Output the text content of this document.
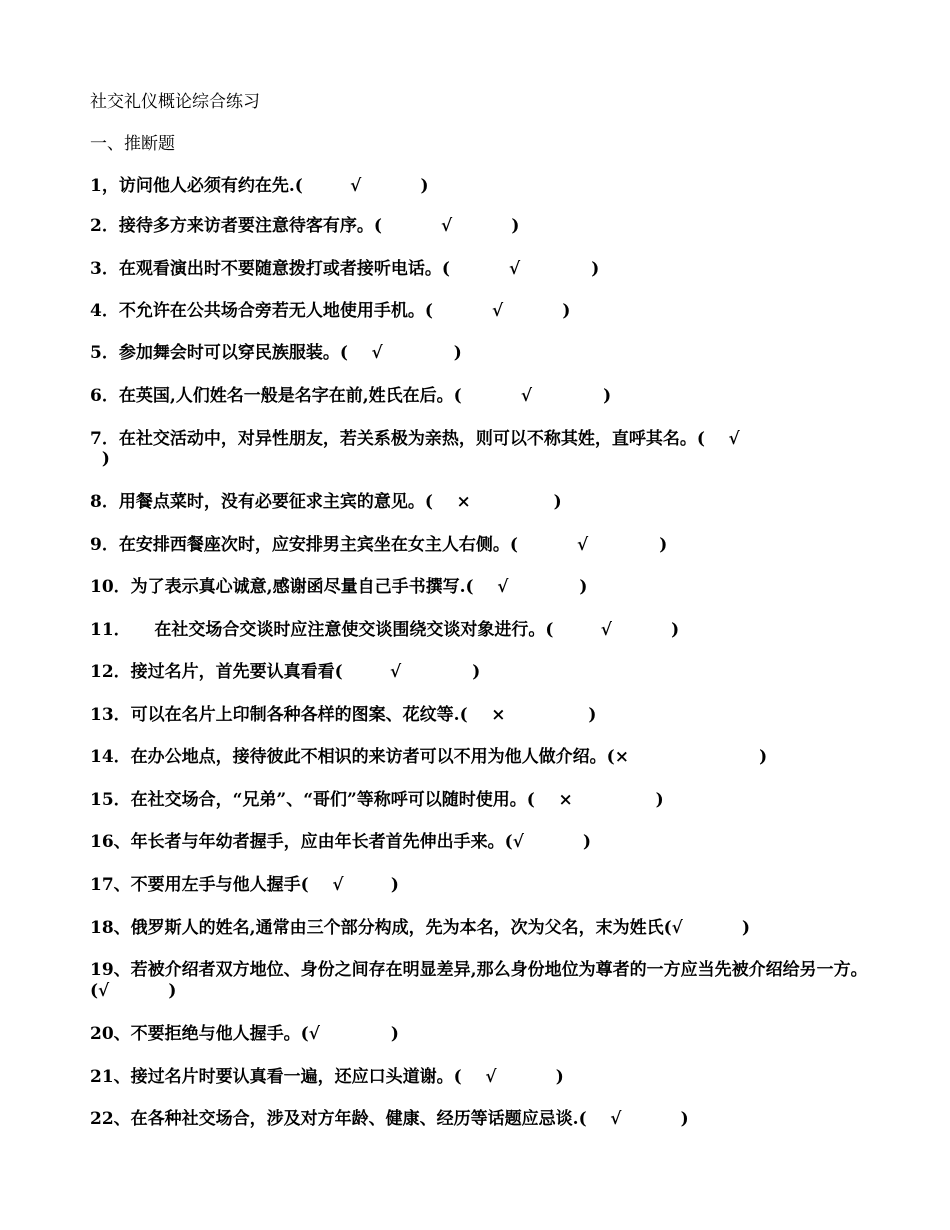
社交礼仪概论综合练习
一、推断题
1，访问他人必须有约在先.(        √          )
2．接待多方来访者要注意待客有序。(          √          )
3．在观看演出时不要随意拨打或者接听电话。(          √            )
4．不允许在公共场合旁若无人地使用手机。(          √          )
5．参加舞会时可以穿民族服装。(    √            )
6．在英国,人们姓名一般是名字在前,姓氏在后。(          √            )
7．在社交活动中，对异性朋友，若关系极为亲热，则可以不称其姓，直呼其名。(    √
)
8．用餐点菜时，没有必要征求主宾的意见。(    ×              )
9．在安排西餐座次时，应安排男主宾坐在女主人右侧。(          √            )
10．为了表示真心诚意,感谢函尽量自己手书撰写.(    √            )
11．    在社交场合交谈时应注意使交谈围绕交谈对象进行。(        √          )
12．接过名片，首先要认真看看(        √            )
13．可以在名片上印制各种各样的图案、花纹等.(    ×              )
14．在办公地点，接待彼此不相识的来访者可以不用为他人做介绍。(×                      )
15．在社交场合，“兄弟”、“哥们”等称呼可以随时使用。(    ×              )
16、年长者与年幼者握手，应由年长者首先伸出手来。(√          )
17、不要用左手与他人握手(    √        )
18、俄罗斯人的姓名,通常由三个部分构成，先为本名，次为父名，末为姓氏(√          )
19、若被介绍者双方地位、身份之间存在明显差异,那么身份地位为尊者的一方应当先被介绍给另一方。(√          )
20、不要拒绝与他人握手。(√            )
21、接过名片时要认真看一遍，还应口头道谢。(    √          )
22、在各种社交场合，涉及对方年龄、健康、经历等话题应忌谈.(    √          )
